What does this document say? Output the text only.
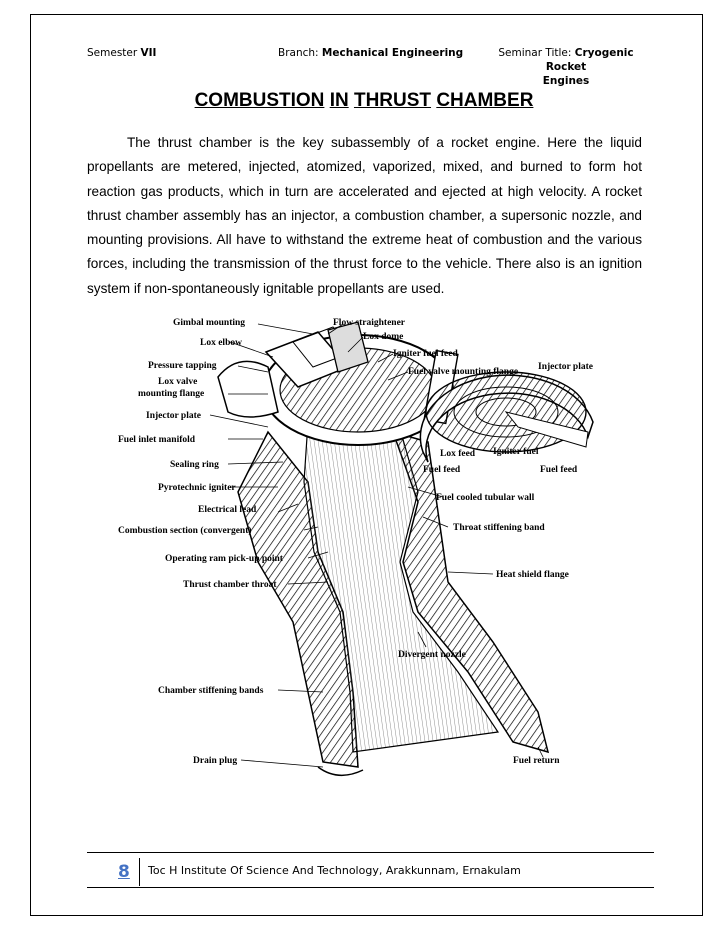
Semester VII	Branch: Mechanical Engineering	Seminar Title: Cryogenic Rocket
Engines
COMBUSTION IN THRUST CHAMBER

The thrust chamber is the key subassembly of a rocket engine. Here the liquid propellants are metered, injected, atomized, vaporized, mixed, and burned to form hot reaction gas products, which in turn are accelerated and ejected at high velocity. A rocket thrust chamber assembly has an injector, a combustion chamber, a supersonic nozzle, and mounting provisions. All have to withstand the extreme heat of combustion and the various forces, including the transmission of the thrust force to the vehicle. There also is an ignition system if non-spontaneously ignitable propellants are used.

Gimbal mounting	Flow straightener
Lox dome
Lox elbow
Igniter fuel feed
Pressure tapping
Fuel valve mounting flange Injector plate
Lox valve
mounting flange
Injector plate
Fuel inlet manifold
Lox feed Igniter fuel
Fuel feed	Fuel feed
Sealing ring
Pyrotechnic igniter
Fuel cooled tubular wall
Electrical lead
Combustion section (convergent)	Throat stiffening band
Operating ram pick-up point
Heat shield flange
Thrust chamber throat
Divergent nozzle
Chamber stiffening bands
Drain plug	Fuel return
8 Toc H Institute Of Science And Technology, Arakkunnam, Ernakulam
